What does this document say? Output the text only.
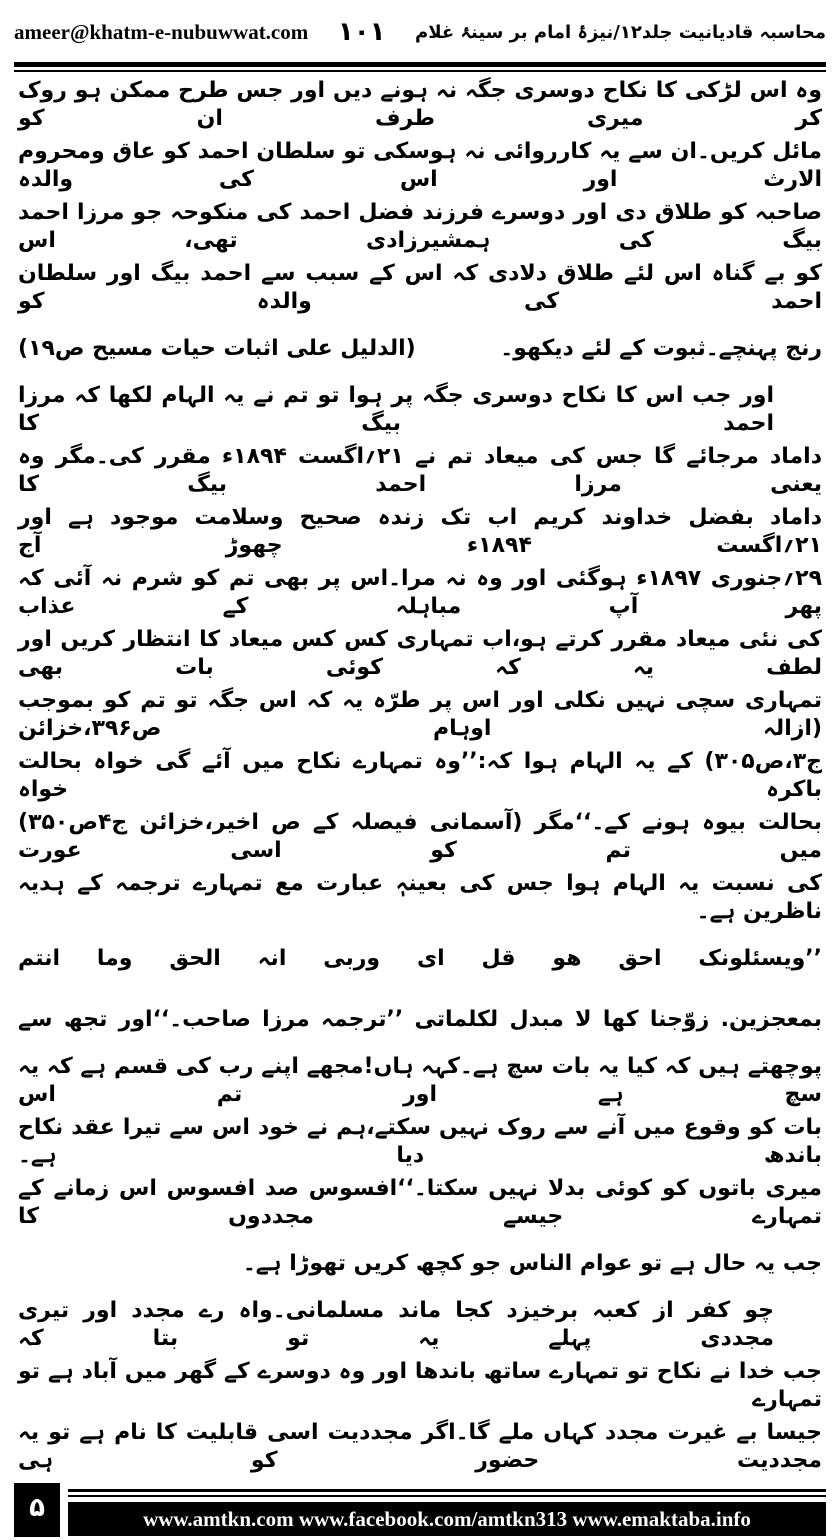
ameer@khatm-e-nubuwwat.com ١٠١ محاسبہ قادیانیت جلد۱۲/نیزۂ امام بر سینۂ غلام
وہ اس لڑکی کا نکاح دوسری جگہ نہ ہونے دیں اور جس طرح ممکن ہو روک کر میری طرف ان کو
مائل کریں۔ان سے یہ کارروائی نہ ہوسکی تو سلطان احمد کو عاق ومحروم الارث اور اس کی والدہ
صاحبہ کو طلاق دی اور دوسرے فرزند فضل احمد کی منکوحہ جو مرزا احمد بیگ کی ہمشیرزادی تھی، اس
کو بے گناہ اس لئے طلاق دلادی کہ اس کے سبب سے احمد بیگ اور سلطان احمد کی والدہ کو
رنج پہنچے۔ثبوت کے لئے دیکھو۔
(الدلیل علی اثبات حیات مسیح ص۱۹)
اور جب اس کا نکاح دوسری جگہ پر ہوا تو تم نے یہ الہام لکھا کہ مرزا احمد بیگ کا
داماد مرجائے گا جس کی میعاد تم نے ۲۱؍اگست ۱۸۹۴ء مقرر کی۔مگر وہ یعنی مرزا احمد بیگ کا
داماد بفضل خداوند کریم اب تک زندہ صحیح وسلامت موجود ہے اور ۲۱؍اگست ۱۸۹۴ء چھوڑ آج
۲۹؍جنوری ۱۸۹۷ء ہوگئی اور وہ نہ مرا۔اس پر بھی تم کو شرم نہ آئی کہ پھر آپ مباہلہ کے عذاب
کی نئی میعاد مقرر کرتے ہو،اب تمہاری کس کس میعاد کا انتظار کریں اور لطف یہ کہ کوئی بات بھی
تمہاری سچی نہیں نکلی اور اس پر طرّہ یہ کہ اس جگہ تو تم کو بموجب (ازالہ اوہام ص۳۹۶،خزائن
ج۳،ص۳۰۵) کے یہ الہام ہوا کہ:’’وہ تمہارے نکاح میں آئے گی خواہ بحالت باکرہ خواہ
بحالت بیوہ ہونے کے۔‘‘مگر (آسمانی فیصلہ کے ص اخیر،خزائن ج۴ص۳۵۰) میں تم کو اسی عورت
کی نسبت یہ الہام ہوا جس کی بعینہٖ عبارت مع تمہارے ترجمہ کے ہدیہ ناظرین ہے۔
’’ویسئلونک احق ھو قل ای وربی انہ الحق وما انتم
بمعجزین. زوّجنا کھا لا مبدل لکلماتی ’’ترجمہ مرزا صاحب۔‘‘اور تجھ سے
پوچھتے ہیں کہ کیا یہ بات سچ ہے۔کہہ ہاں!مجھے اپنے رب کی قسم ہے کہ یہ سچ ہے اور تم اس
بات کو وقوع میں آنے سے روک نہیں سکتے،ہم نے خود اس سے تیرا عقد نکاح باندھ دیا ہے۔
میری باتوں کو کوئی بدلا نہیں سکتا۔‘‘افسوس صد افسوس اس زمانے کے تمہارے جیسے مجددوں کا
جب یہ حال ہے تو عوام الناس جو کچھ کریں تھوڑا ہے۔
چو کفر از کعبہ برخیزد کجا ماند مسلمانی۔واہ رے مجدد اور تیری مجددی پہلے یہ تو بتا کہ
جب خدا نے نکاح تو تمہارے ساتھ باندھا اور وہ دوسرے کے گھر میں آباد ہے تو تمہارے
جیسا بے غیرت مجدد کہاں ملے گا۔اگر مجددیت اسی قابلیت کا نام ہے تو یہ مجددیت حضور کو ہی
۵	www.amtkn.com www.facebook.com/amtkn313 www.emaktaba.info
